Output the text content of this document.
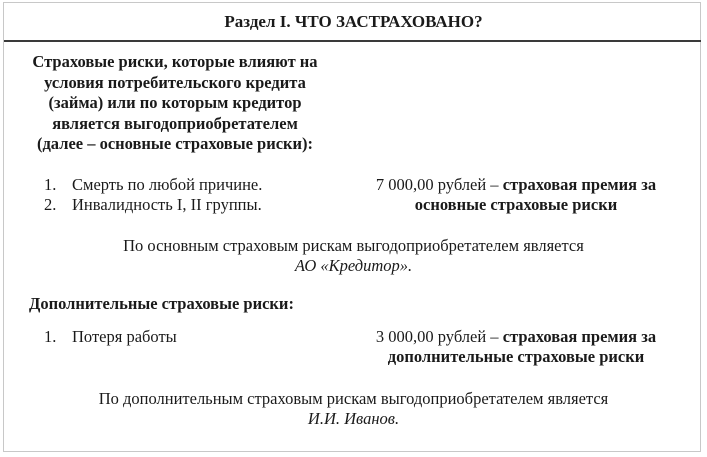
Раздел I. ЧТО ЗАСТРАХОВАНО?
Страховые риски, которые влияют на
условия потребительского кредита
(займа) или по которым кредитор
является выгодоприобретателем
(далее – основные страховые риски):
1. Смерть по любой причине.
2. Инвалидность I, II группы.
7 000,00 рублей – страховая премия за
основные страховые риски
По основным страховым рискам выгодоприобретателем является
АО «Кредитор».
Дополнительные страховые риски:
1. Потеря работы	3 000,00 рублей – страховая премия за
дополнительные страховые риски
По дополнительным страховым рискам выгодоприобретателем является
И.И. Иванов.
